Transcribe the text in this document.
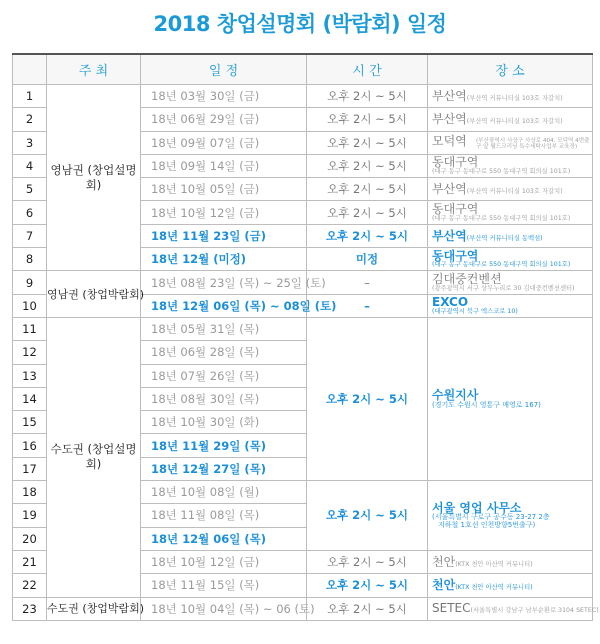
2018 창업설명회 (박람회) 일정
	주 최	일 정	시 간	장 소
1	영남권 (창업설명회)	18년 03월 30일 (금)	오후 2시 ~ 5시	부산역(부산역 커뮤니티실 103호 자갈치)
2		18년 06월 29일 (금)	오후 2시 ~ 5시	부산역(부산역 커뮤니티실 103호 자갈치)
3		18년 09월 07일 (금)	오후 2시 ~ 5시	모덕역 (부산광역시 사상구 사상로 404, 모덕역 4번출구 앞 웰드크리닝 특수세탁사업부 교육장)

4		18년 09월 14일 (금)	오후 2시 ~ 5시	동대구역
(대구 동구 동대구로 550 동대구역 회의실 101호)

5		18년 10월 05일 (금)	오후 2시 ~ 5시	부산역(부산역 커뮤니티실 103호 자갈치)
6		18년 10월 12일 (금)	오후 2시 ~ 5시	동대구역
(대구 동구 동대구로 550 동대구역 회의실 101호)

7		18년 11월 23일 (금)	오후 2시 ~ 5시	부산역(부산역 커뮤니티실 동백섬)
8		18년 12월 (미정)	미정	동대구역
(대구 동구 동대구로 550 동대구역 회의실 101호)

9	영남권 (창업박람회)	18년 08월 23일 (목) ~ 25일 (토)	–	김대중컨벤션
(광주광역시 서구 상무누리로 30 김대중컨벤션센터)

10		18년 12월 06일 (목) ~ 08일 (토)	–	EXCO
(대구광역시 북구 엑스코로 10)

11	수도권 (창업설명회)	18년 05월 31일 (목)	오후 2시 ~ 5시	수원지사
(경기도 수원시 영통구 매영로 167)

12		18년 06월 28일 (목)		
13		18년 07월 26일 (목)		
14		18년 08월 30일 (목)		
15		18년 10월 30일 (화)		
16		18년 11월 29일 (목)		
17		18년 12월 27일 (목)		
18		18년 10월 08일 (월)	오후 2시 ~ 5시	서울 영업 사무소
(서울특별시 구로구 공수동 23-27 2층
지하철 1호선 인천방향5번출구)

19		18년 11월 08일 (목)		
20		18년 12월 06일 (목)		
21		18년 10월 12일 (금)	오후 2시 ~ 5시	천안(KTX 천안 아산역 커뮤니티)
22		18년 11월 15일 (목)	오후 2시 ~ 5시	천안(KTX 천안 아산역 커뮤니티)
23	수도권 (창업박람회)	18년 10월 04일 (목) ~ 06 (토)	오후 2시 ~ 5시	SETEC(서울특별시 강남구 남부순환로 3104 SETEC)
